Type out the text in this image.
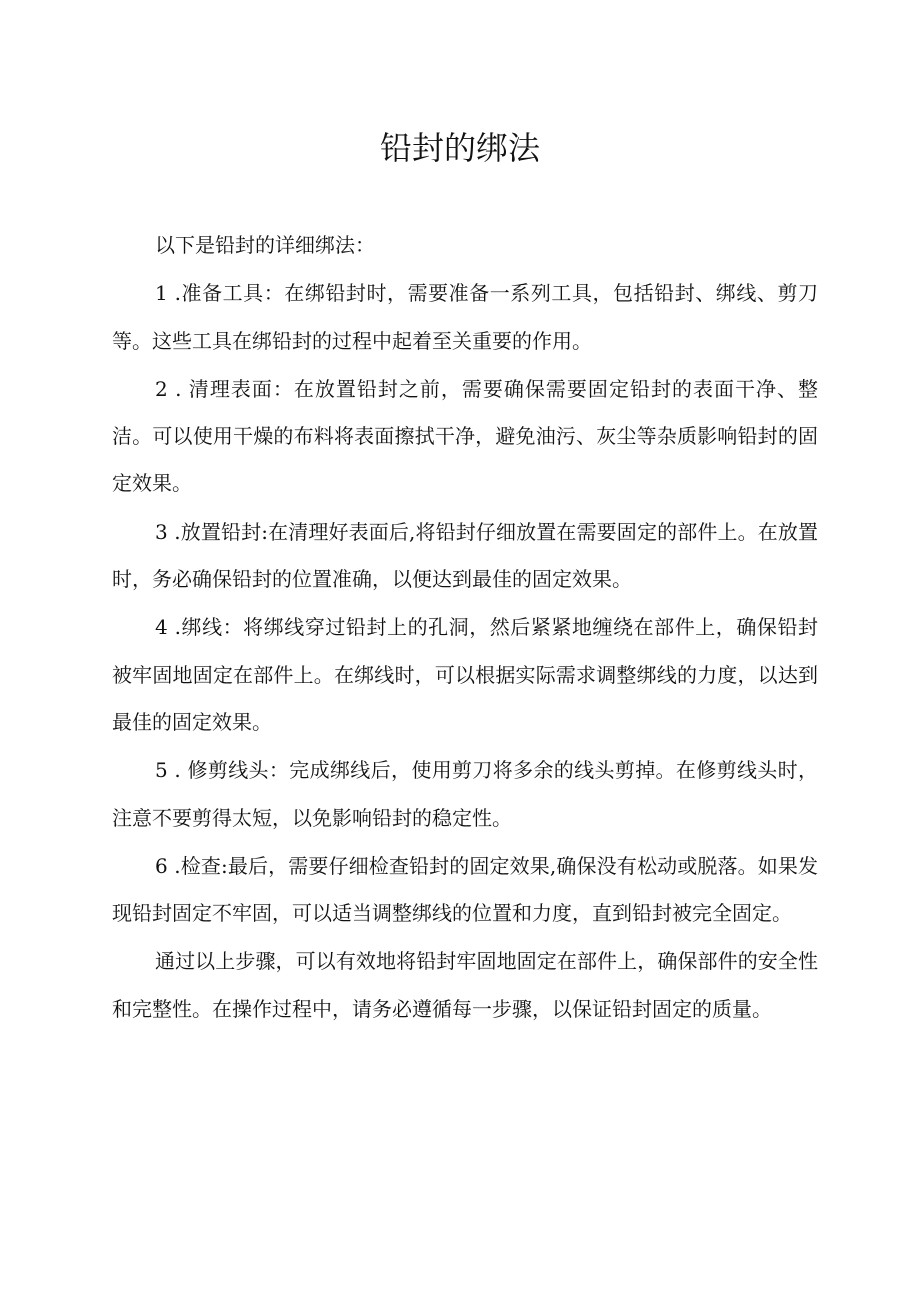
铅封的绑法

以下是铅封的详细绑法：

1 .准备工具：在绑铅封时，需要准备一系列工具，包括铅封、绑线、剪刀等。这些工具在绑铅封的过程中起着至关重要的作用。

2 . 清理表面：在放置铅封之前，需要确保需要固定铅封的表面干净、整洁。可以使用干燥的布料将表面擦拭干净，避免油污、灰尘等杂质影响铅封的固定效果。

3 .放置铅封:在清理好表面后,将铅封仔细放置在需要固定的部件上。在放置时，务必确保铅封的位置准确，以便达到最佳的固定效果。

4 .绑线：将绑线穿过铅封上的孔洞，然后紧紧地缠绕在部件上，确保铅封被牢固地固定在部件上。在绑线时，可以根据实际需求调整绑线的力度，以达到最佳的固定效果。

5 . 修剪线头：完成绑线后，使用剪刀将多余的线头剪掉。在修剪线头时，注意不要剪得太短，以免影响铅封的稳定性。

6 .检查:最后，需要仔细检查铅封的固定效果,确保没有松动或脱落。如果发现铅封固定不牢固，可以适当调整绑线的位置和力度，直到铅封被完全固定。

通过以上步骤，可以有效地将铅封牢固地固定在部件上，确保部件的安全性和完整性。在操作过程中，请务必遵循每一步骤，以保证铅封固定的质量。
